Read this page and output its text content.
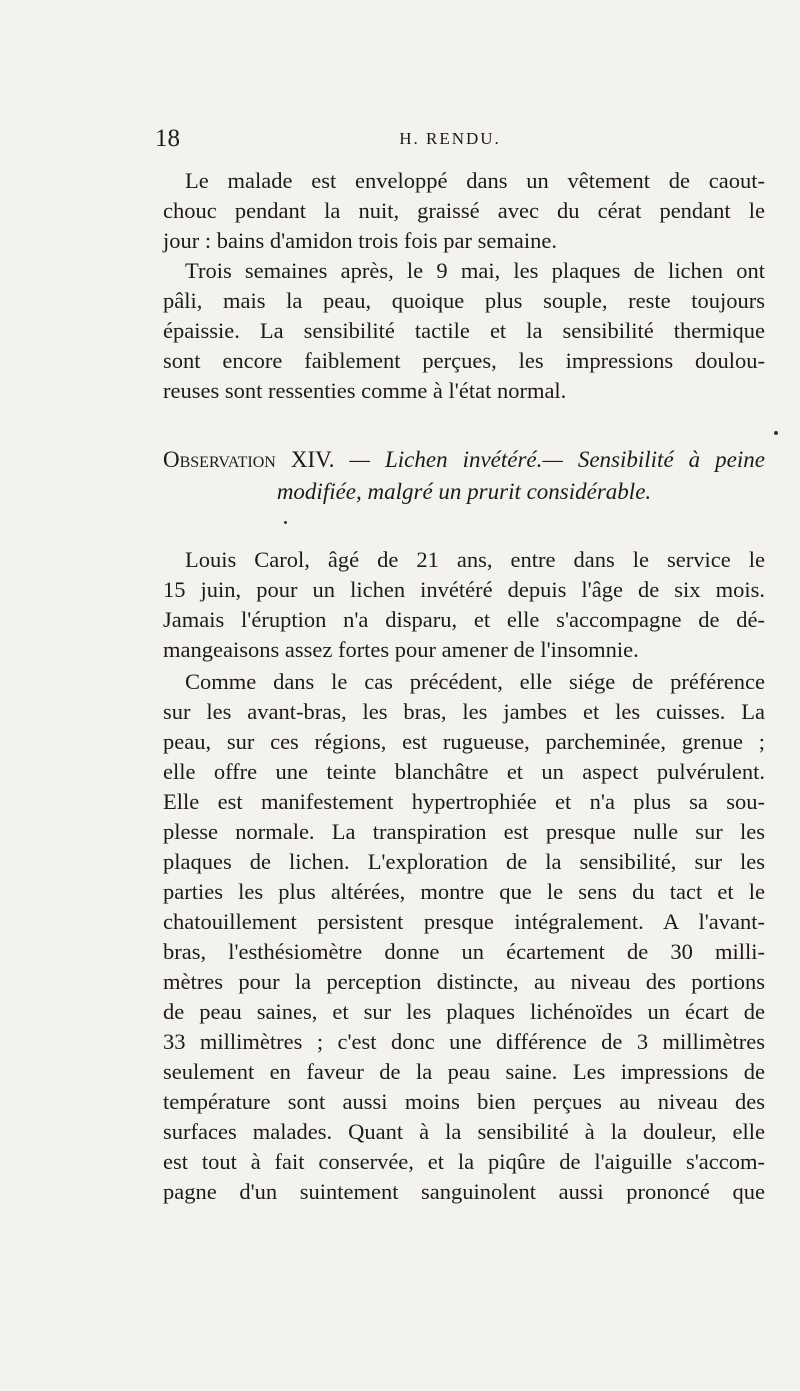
18	H. RENDU.
Le malade est enveloppé dans un vêtement de caout-
chouc pendant la nuit, graissé avec du cérat pendant le
jour : bains d'amidon trois fois par semaine.
Trois semaines après, le 9 mai, les plaques de lichen ont
pâli, mais la peau, quoique plus souple, reste toujours
épaissie. La sensibilité tactile et la sensibilité thermique
sont encore faiblement perçues, les impressions doulou-
reuses sont ressenties comme à l'état normal.
Observation XIV. — Lichen invétéré.— Sensibilité à peine
modifiée, malgré un prurit considérable.
Louis Carol, âgé de 21 ans, entre dans le service le
15 juin, pour un lichen invétéré depuis l'âge de six mois.
Jamais l'éruption n'a disparu, et elle s'accompagne de dé-
mangeaisons assez fortes pour amener de l'insomnie.
Comme dans le cas précédent, elle siége de préférence
sur les avant-bras, les bras, les jambes et les cuisses. La
peau, sur ces régions, est rugueuse, parcheminée, grenue ;
elle offre une teinte blanchâtre et un aspect pulvérulent.
Elle est manifestement hypertrophiée et n'a plus sa sou-
plesse normale. La transpiration est presque nulle sur les
plaques de lichen. L'exploration de la sensibilité, sur les
parties les plus altérées, montre que le sens du tact et le
chatouillement persistent presque intégralement. A l'avant-
bras, l'esthésiomètre donne un écartement de 30 milli-
mètres pour la perception distincte, au niveau des portions
de peau saines, et sur les plaques lichénoïdes un écart de
33 millimètres ; c'est donc une différence de 3 millimètres
seulement en faveur de la peau saine. Les impressions de
température sont aussi moins bien perçues au niveau des
surfaces malades. Quant à la sensibilité à la douleur, elle
est tout à fait conservée, et la piqûre de l'aiguille s'accom-
pagne d'un suintement sanguinolent aussi prononcé que
